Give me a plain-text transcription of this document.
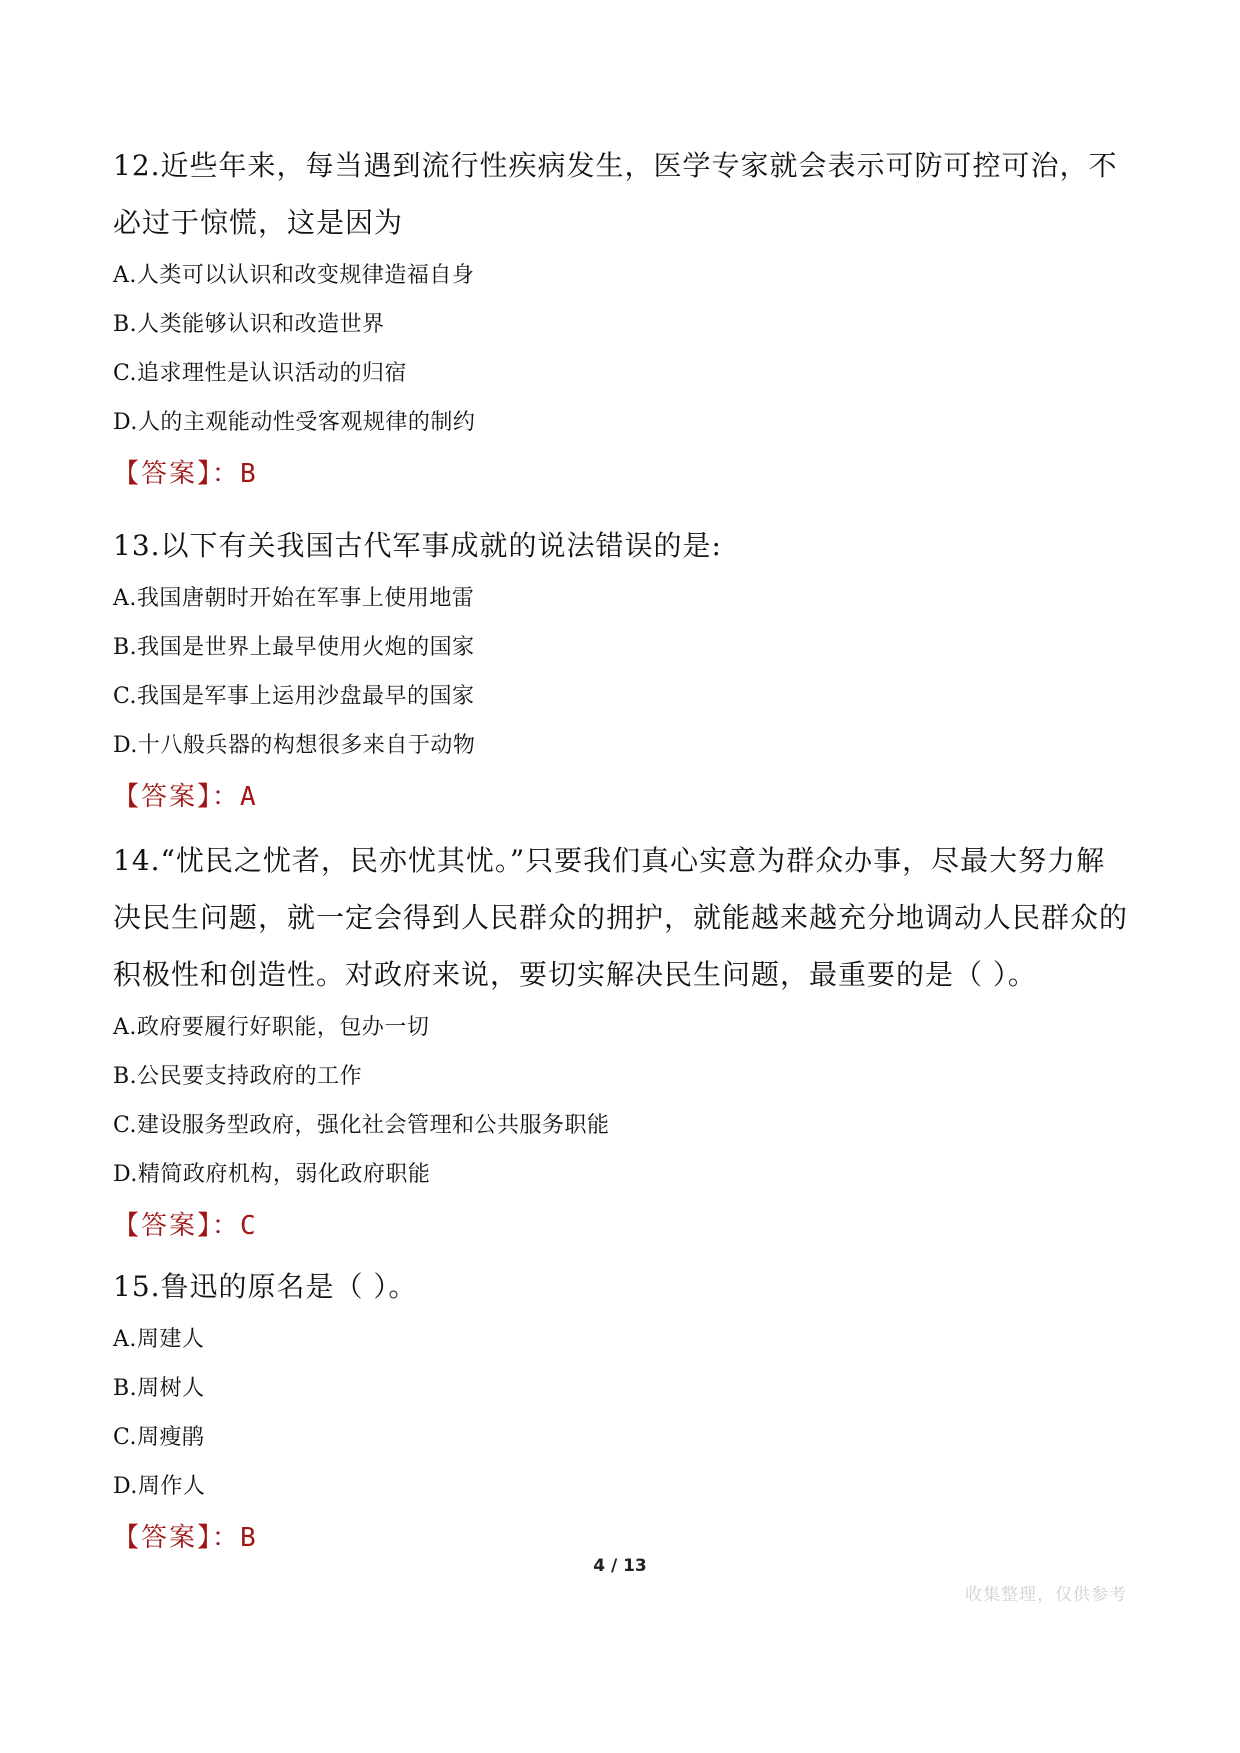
12.近些年来，每当遇到流行性疾病发生，医学专家就会表示可防可控可治，不必过于惊慌，这是因为

A.人类可以认识和改变规律造福自身
B.人类能够认识和改造世界
C.追求理性是认识活动的归宿
D.人的主观能动性受客观规律的制约
【答案】：B

13.以下有关我国古代军事成就的说法错误的是:

A.我国唐朝时开始在军事上使用地雷
B.我国是世界上最早使用火炮的国家
C.我国是军事上运用沙盘最早的国家
D.十八般兵器的构想很多来自于动物
【答案】：A

14.“忧民之忧者，民亦忧其忧。”只要我们真心实意为群众办事，尽最大努力解决民生问题，就一定会得到人民群众的拥护，就能越来越充分地调动人民群众的积极性和创造性。对政府来说，要切实解决民生问题，最重要的是（ ）。

A.政府要履行好职能，包办一切
B.公民要支持政府的工作
C.建设服务型政府，强化社会管理和公共服务职能
D.精简政府机构，弱化政府职能
【答案】：C

15.鲁迅的原名是（ ）。

A.周建人
B.周树人
C.周瘦鹃
D.周作人
【答案】：B
4 / 13
收集整理，仅供参考
